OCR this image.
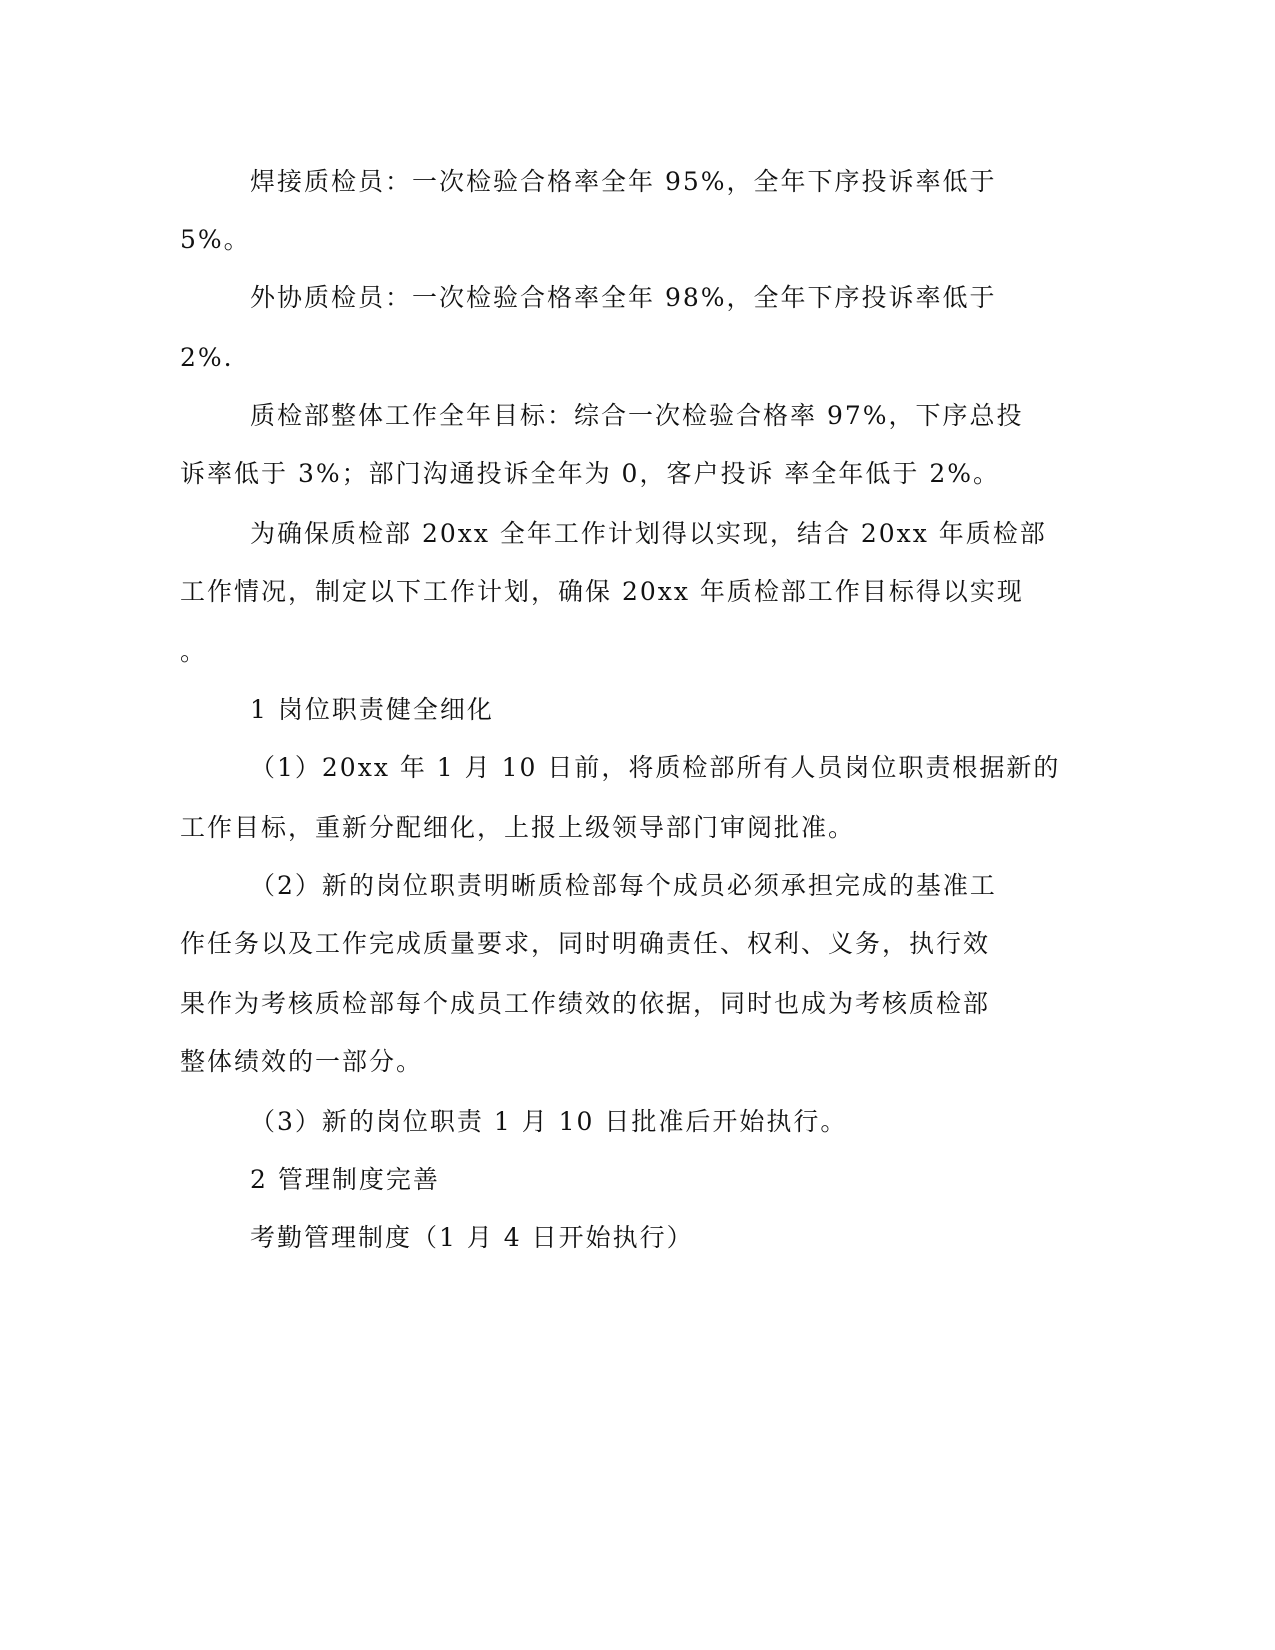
焊接质检员：一次检验合格率全年 95%，全年下序投诉率低于

5%。

外协质检员：一次检验合格率全年 98%，全年下序投诉率低于

2%.

质检部整体工作全年目标：综合一次检验合格率 97%，下序总投

诉率低于 3%；部门沟通投诉全年为 0，客户投诉 率全年低于 2%。

为确保质检部 20xx 全年工作计划得以实现，结合 20xx 年质检部

工作情况，制定以下工作计划，确保 20xx 年质检部工作目标得以实现

。

1 岗位职责健全细化

（1）20xx 年 1 月 10 日前，将质检部所有人员岗位职责根据新的

工作目标，重新分配细化，上报上级领导部门审阅批准。

（2）新的岗位职责明晰质检部每个成员必须承担完成的基准工

作任务以及工作完成质量要求，同时明确责任、权利、义务，执行效

果作为考核质检部每个成员工作绩效的依据，同时也成为考核质检部

整体绩效的一部分。

（3）新的岗位职责 1 月 10 日批准后开始执行。

2 管理制度完善

考勤管理制度（1 月 4 日开始执行）
